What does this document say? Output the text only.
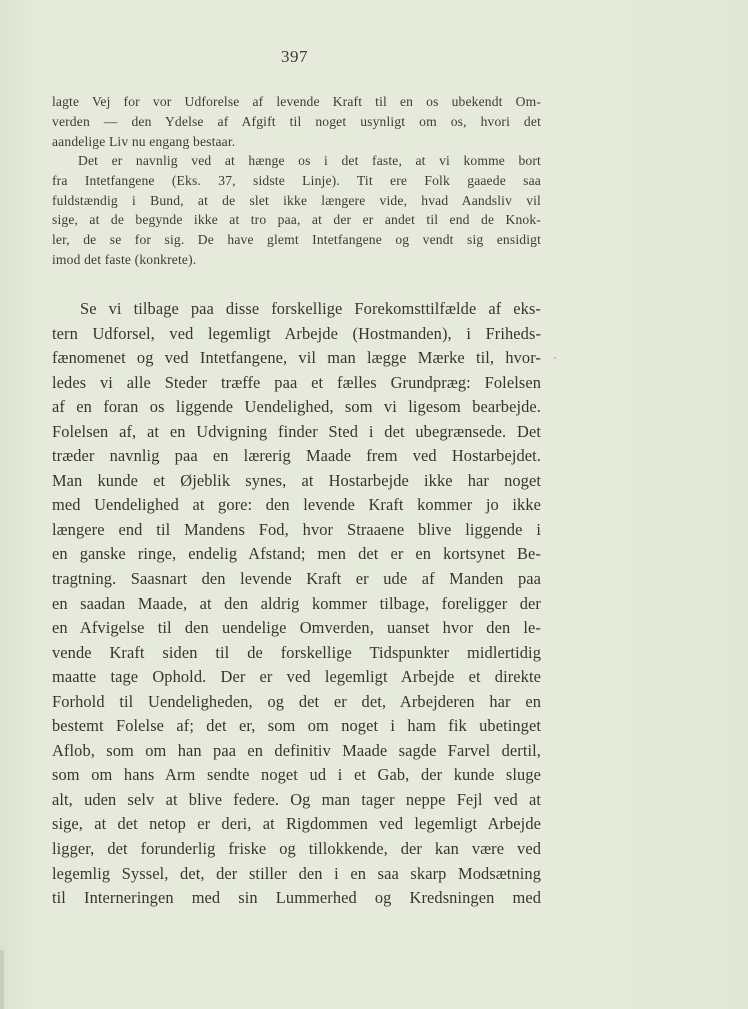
397
lagte Vej for vor Udforelse af levende Kraft til en os ubekendt Om-
verden — den Ydelse af Afgift til noget usynligt om os, hvori det
aandelige Liv nu engang bestaar.
Det er navnlig ved at hænge os i det faste, at vi komme bort
fra Intetfangene (Eks. 37, sidste Linje). Tit ere Folk gaaede saa
fuldstændig i Bund, at de slet ikke længere vide, hvad Aandsliv vil
sige, at de begynde ikke at tro paa, at der er andet til end de Knok-
ler, de se for sig. De have glemt Intetfangene og vendt sig ensidigt
imod det faste (konkrete).
Se vi tilbage paa disse forskellige Forekomsttilfælde af eks-
tern Udforsel, ved legemligt Arbejde (Hostmanden), i Friheds-
fænomenet og ved Intetfangene, vil man lægge Mærke til, hvor-
ledes vi alle Steder træffe paa et fælles Grundpræg: Folelsen
af en foran os liggende Uendelighed, som vi ligesom bearbejde.
Folelsen af, at en Udvigning finder Sted i det ubegrænsede. Det
træder navnlig paa en lærerig Maade frem ved Hostarbejdet.
Man kunde et Øjeblik synes, at Hostarbejde ikke har noget
med Uendelighed at gore: den levende Kraft kommer jo ikke
længere end til Mandens Fod, hvor Straaene blive liggende i
en ganske ringe, endelig Afstand; men det er en kortsynet Be-
tragtning. Saasnart den levende Kraft er ude af Manden paa
en saadan Maade, at den aldrig kommer tilbage, foreligger der
en Afvigelse til den uendelige Omverden, uanset hvor den le-
vende Kraft siden til de forskellige Tidspunkter midlertidig
maatte tage Ophold. Der er ved legemligt Arbejde et direkte
Forhold til Uendeligheden, og det er det, Arbejderen har en
bestemt Folelse af; det er, som om noget i ham fik ubetinget
Aflob, som om han paa en definitiv Maade sagde Farvel dertil,
som om hans Arm sendte noget ud i et Gab, der kunde sluge
alt, uden selv at blive federe. Og man tager neppe Fejl ved at
sige, at det netop er deri, at Rigdommen ved legemligt Arbejde
ligger, det forunderlig friske og tillokkende, der kan være ved
legemlig Syssel, det, der stiller den i en saa skarp Modsætning
til Interneringen med sin Lummerhed og Kredsningen med
